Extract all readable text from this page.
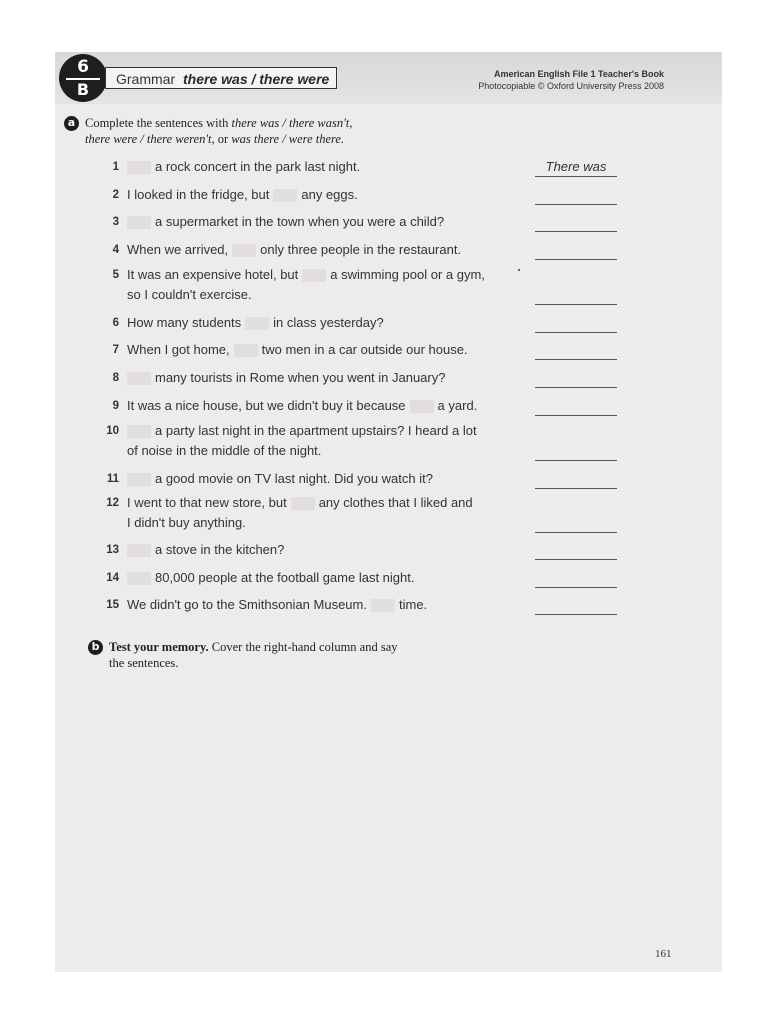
6
B
Grammar there was / there were	American English File 1 Teacher's Book
Photocopiable © Oxford University Press 2008
a Complete the sentences with there was / there wasn't,
there were / there weren't, or was there / were there.
1	a rock concert in the park last night.	There was
2 I looked in the fridge, but any eggs.
3	a supermarket in the town when you were a child?
4 When we arrived, only three people in the restaurant.
5 It was an expensive hotel, but a swimming pool or a gym,
so I couldn't exercise.
6 How many students in class yesterday?
7 When I got home, two men in a car outside our house.
8	many tourists in Rome when you went in January?
9 It was a nice house, but we didn't buy it because a yard.
10	a party last night in the apartment upstairs? I heard a lot
of noise in the middle of the night.
11	a good movie on TV last night. Did you watch it?
12 I went to that new store, but any clothes that I liked and
I didn't buy anything.
13	a stove in the kitchen?
14	80,000 people at the football game last night.
15 We didn't go to the Smithsonian Museum. time.
b Test your memory. Cover the right-hand column and say
the sentences.
161
